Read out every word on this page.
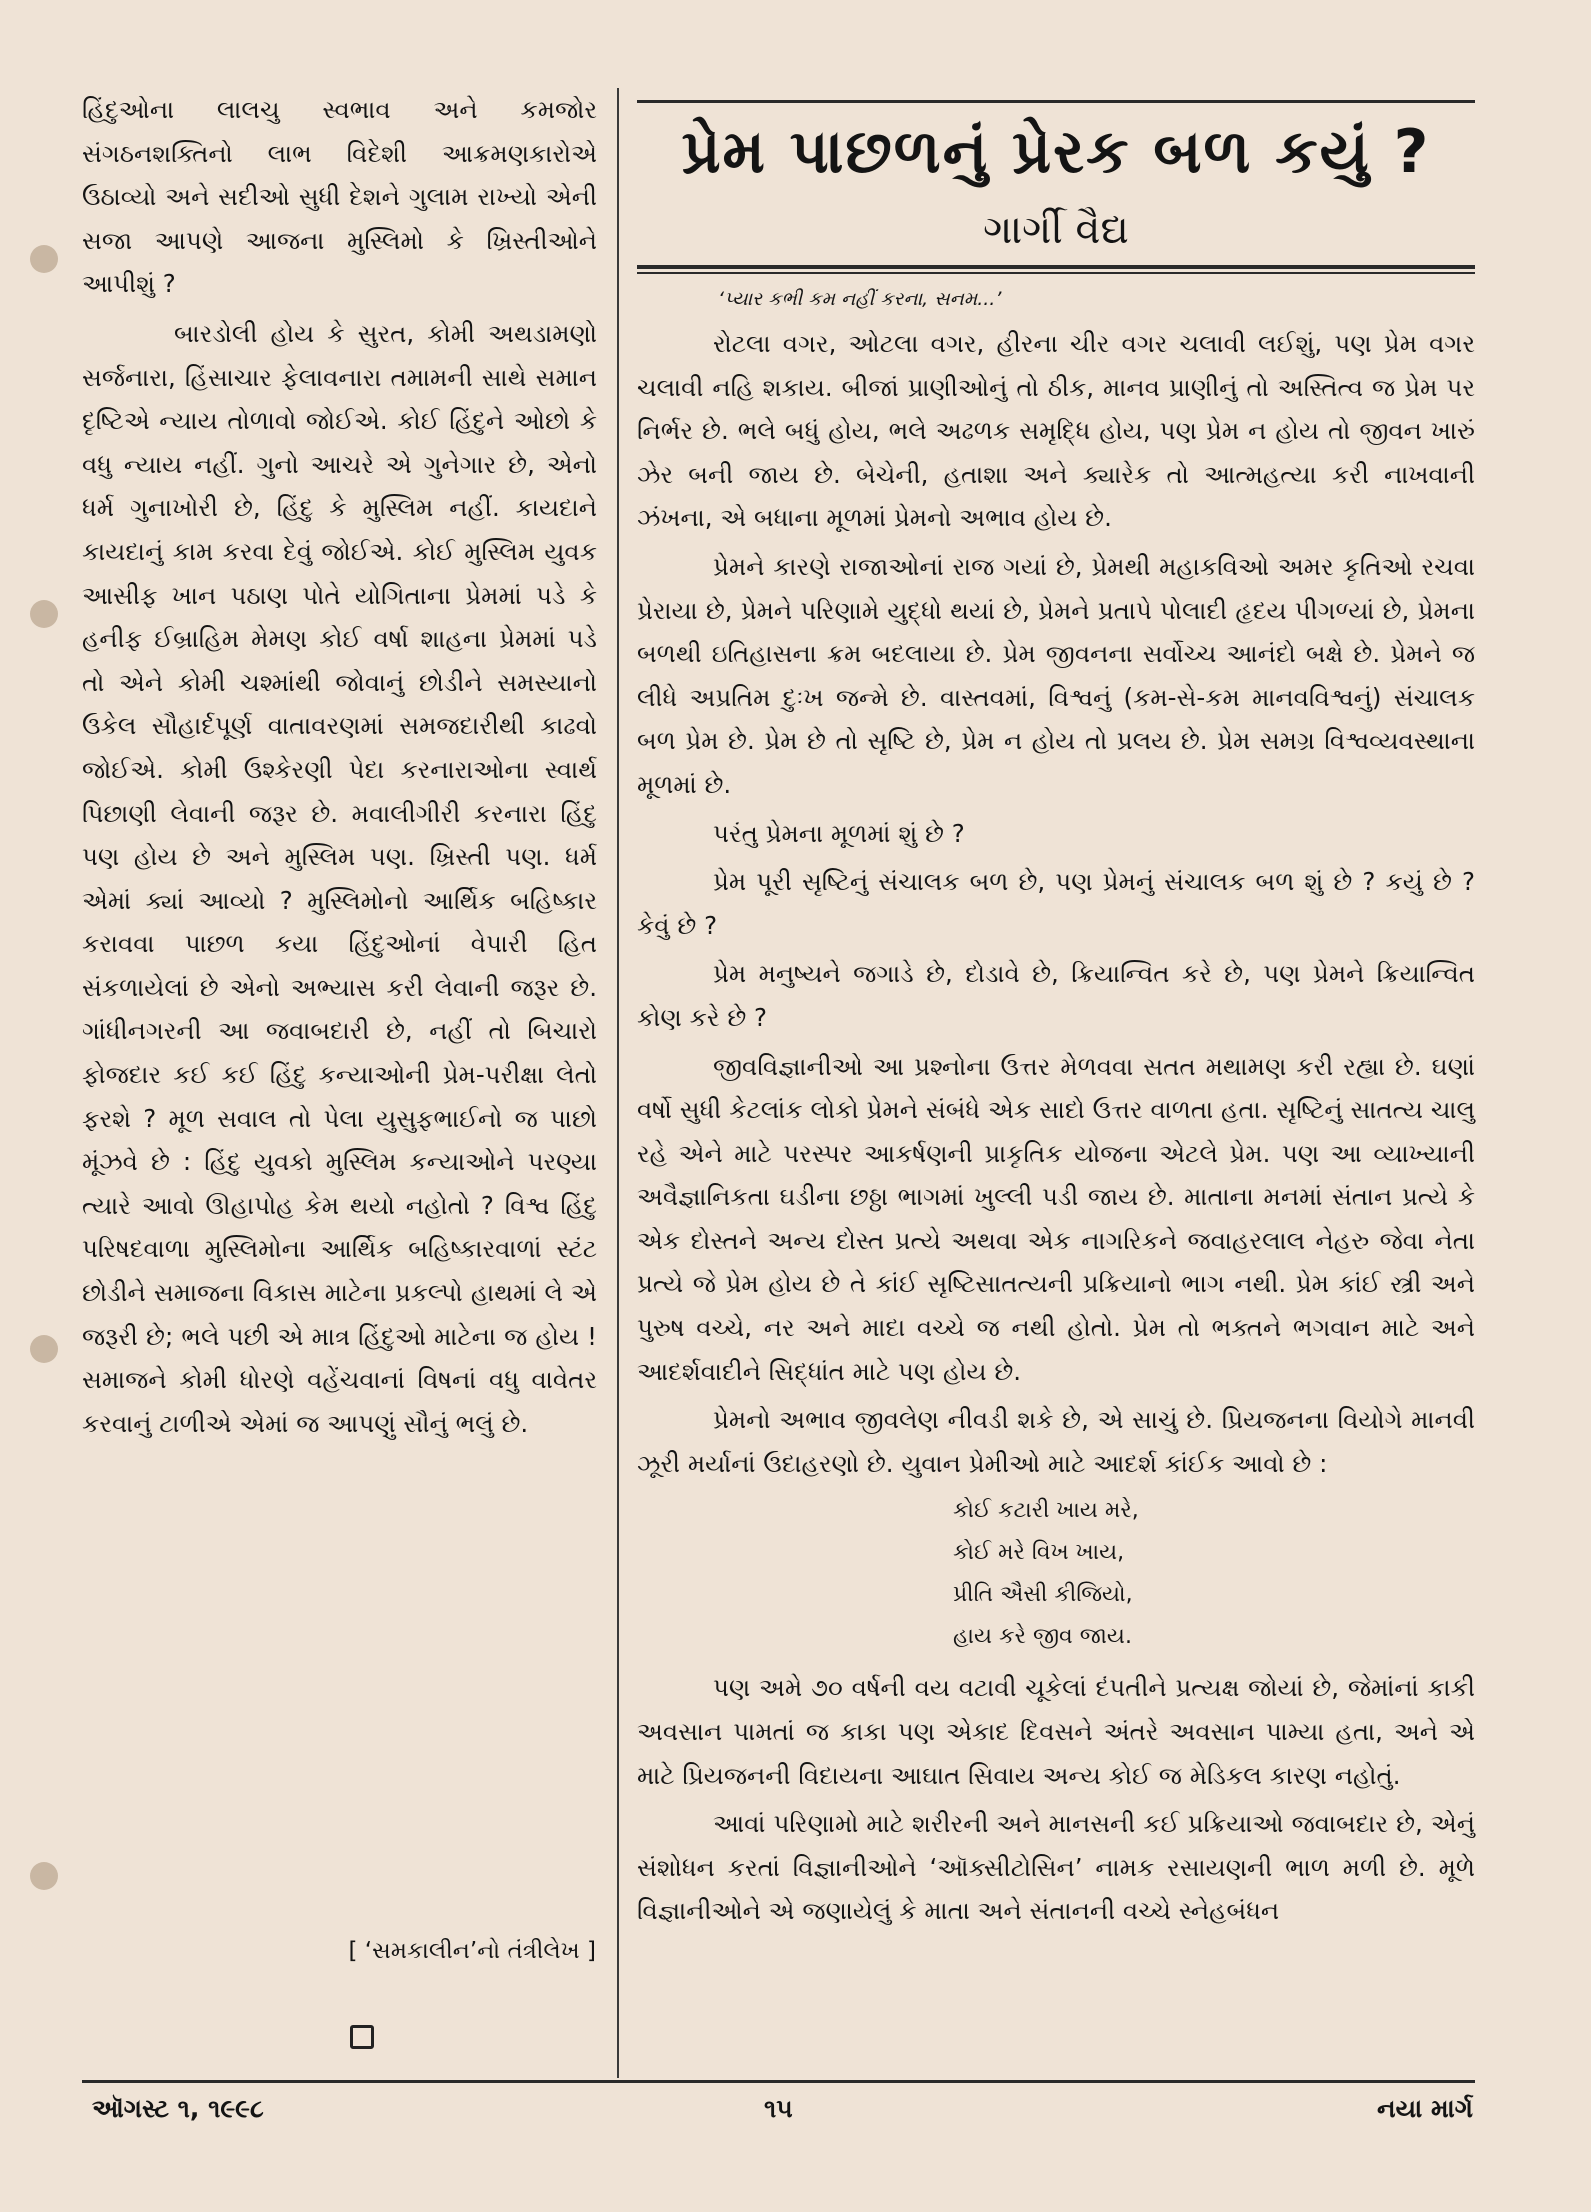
હિંદુઓના લાલચુ સ્વભાવ અને કમજોર સંગઠનશક્તિનો લાભ વિદેશી આક્રમણકારોએ ઉઠાવ્યો અને સદીઓ સુધી દેશને ગુલામ રાખ્યો એની સજા આપણે આજના મુસ્લિમો કે ખ્રિસ્તીઓને આપીશું ?

બારડોલી હોય કે સુરત, કોમી અથડામણો સર્જનારા, હિંસાચાર ફેલાવનારા તમામની સાથે સમાન દૃષ્ટિએ ન્યાય તોળાવો જોઈએ. કોઈ હિંદુને ઓછો કે વધુ ન્યાય નહીં. ગુનો આચરે એ ગુનેગાર છે, એનો ધર્મ ગુનાખોરી છે, હિંદુ કે મુસ્લિમ નહીં. કાયદાને કાયદાનું કામ કરવા દેવું જોઈએ. કોઈ મુસ્લિમ યુવક આસીફ ખાન પઠાણ પોતે યોગિતાના પ્રેમમાં પડે કે હનીફ ઈબ્રાહિમ મેમણ કોઈ વર્ષા શાહના પ્રેમમાં પડે તો એને કોમી ચશ્માંથી જોવાનું છોડીને સમસ્યાનો ઉકેલ સૌહાર્દપૂર્ણ વાતાવરણમાં સમજદારીથી કાઢવો જોઈએ. કોમી ઉશ્કેરણી પેદા કરનારાઓના સ્વાર્થ પિછાણી લેવાની જરૂર છે. મવાલીગીરી કરનારા હિંદુ પણ હોય છે અને મુસ્લિમ પણ. ખ્રિસ્તી પણ. ધર્મ એમાં ક્યાં આવ્યો ? મુસ્લિમોનો આર્થિક બહિષ્કાર કરાવવા પાછળ કયા હિંદુઓનાં વેપારી હિત સંકળાયેલાં છે એનો અભ્યાસ કરી લેવાની જરૂર છે. ગાંધીનગરની આ જવાબદારી છે, નહીં તો બિચારો ફોજદાર કઈ કઈ હિંદુ કન્યાઓની પ્રેમ-પરીક્ષા લેતો ફરશે ? મૂળ સવાલ તો પેલા યુસુફભાઈનો જ પાછો મૂંઝવે છે : હિંદુ યુવકો મુસ્લિમ કન્યાઓને પરણ્યા ત્યારે આવો ઊહાપોહ કેમ થયો નહોતો ? વિશ્વ હિંદુ પરિષદવાળા મુસ્લિમોના આર્થિક બહિષ્કારવાળાં સ્ટંટ છોડીને સમાજના વિકાસ માટેના પ્રકલ્પો હાથમાં લે એ જરૂરી છે; ભલે પછી એ માત્ર હિંદુઓ માટેના જ હોય ! સમાજને કોમી ધોરણે વહેંચવાનાં વિષનાં વધુ વાવેતર કરવાનું ટાળીએ એમાં જ આપણું સૌનું ભલું છે.

[ ‘સમકાલીન’નો તંત્રીલેખ ]
પ્રેમ પાછળનું પ્રેરક બળ કયું ?
ગાર્ગી વૈદ્ય
‘પ્યાર કભી કમ નહીં કરના, સનમ...’

રોટલા વગર, ઓટલા વગર, હીરના ચીર વગર ચલાવી લઈશું, પણ પ્રેમ વગર ચલાવી નહિ શકાય. બીજાં પ્રાણીઓનું તો ઠીક, માનવ પ્રાણીનું તો અસ્તિત્વ જ પ્રેમ પર નિર્ભર છે. ભલે બધું હોય, ભલે અઢળક સમૃદ્ધિ હોય, પણ પ્રેમ ન હોય તો જીવન ખારું ઝેર બની જાય છે. બેચેની, હતાશા અને ક્યારેક તો આત્મહત્યા કરી નાખવાની ઝંખના, એ બધાના મૂળમાં પ્રેમનો અભાવ હોય છે.

પ્રેમને કારણે રાજાઓનાં રાજ ગયાં છે, પ્રેમથી મહાકવિઓ અમર કૃતિઓ રચવા પ્રેરાયા છે, પ્રેમને પરિણામે યુદ્ધો થયાં છે, પ્રેમને પ્રતાપે પોલાદી હૃદય પીગળ્યાં છે, પ્રેમના બળથી ઇતિહાસના ક્રમ બદલાયા છે. પ્રેમ જીવનના સર્વોચ્ચ આનંદો બક્ષે છે. પ્રેમને જ લીધે અપ્રતિમ દુઃખ જન્મે છે. વાસ્તવમાં, વિશ્વનું (કમ-સે-કમ માનવવિશ્વનું) સંચાલક બળ પ્રેમ છે. પ્રેમ છે તો સૃષ્ટિ છે, પ્રેમ ન હોય તો પ્રલય છે. પ્રેમ સમગ્ર વિશ્વવ્યવસ્થાના મૂળમાં છે.

પરંતુ પ્રેમના મૂળમાં શું છે ?

પ્રેમ પૂરી સૃષ્ટિનું સંચાલક બળ છે, પણ પ્રેમનું સંચાલક બળ શું છે ? કયું છે ? કેવું છે ?

પ્રેમ મનુષ્યને જગાડે છે, દોડાવે છે, ક્રિયાન્વિત કરે છે, પણ પ્રેમને ક્રિયાન્વિત કોણ કરે છે ?

જીવવિજ્ઞાનીઓ આ પ્રશ્નોના ઉત્તર મેળવવા સતત મથામણ કરી રહ્યા છે. ઘણાં વર્ષો સુધી કેટલાંક લોકો પ્રેમને સંબંધે એક સાદો ઉત્તર વાળતા હતા. સૃષ્ટિનું સાતત્ય ચાલુ રહે એને માટે પરસ્પર આકર્ષણની પ્રાકૃતિક યોજના એટલે પ્રેમ. પણ આ વ્યાખ્યાની અવૈજ્ઞાનિકતા ઘડીના છઠ્ઠા ભાગમાં ખુલ્લી પડી જાય છે. માતાના મનમાં સંતાન પ્રત્યે કે એક દોસ્તને અન્ય દોસ્ત પ્રત્યે અથવા એક નાગરિકને જવાહરલાલ નેહરુ જેવા નેતા પ્રત્યે જે પ્રેમ હોય છે તે કાંઈ સૃષ્ટિસાતત્યની પ્રક્રિયાનો ભાગ નથી. પ્રેમ કાંઈ સ્ત્રી અને પુરુષ વચ્ચે, નર અને માદા વચ્ચે જ નથી હોતો. પ્રેમ તો ભક્તને ભગવાન માટે અને આદર્શવાદીને સિદ્ધાંત માટે પણ હોય છે.

પ્રેમનો અભાવ જીવલેણ નીવડી શકે છે, એ સાચું છે. પ્રિયજનના વિયોગે માનવી ઝૂરી મર્યાનાં ઉદાહરણો છે. યુવાન પ્રેમીઓ માટે આદર્શ કાંઈક આવો છે :

કોઈ કટારી ખાય મરે,
કોઈ મરે વિખ ખાય,
પ્રીતિ ઐસી કીજિયો,
હાય કરે જીવ જાય.

પણ અમે ૭૦ વર્ષની વય વટાવી ચૂકેલાં દંપતીને પ્રત્યક્ષ જોયાં છે, જેમાંનાં કાકી અવસાન પામતાં જ કાકા પણ એકાદ દિવસને અંતરે અવસાન પામ્યા હતા, અને એ માટે પ્રિયજનની વિદાયના આઘાત સિવાય અન્ય કોઈ જ મેડિકલ કારણ નહોતું.

આવાં પરિણામો માટે શરીરની અને માનસની કઈ પ્રક્રિયાઓ જવાબદાર છે, એનું સંશોધન કરતાં વિજ્ઞાનીઓને ‘ઑક્સીટોસિન’ નામક રસાયણની ભાળ મળી છે. મૂળે વિજ્ઞાનીઓને એ જણાયેલું કે માતા અને સંતાનની વચ્ચે સ્નેહબંધન

ઑગસ્ટ ૧, ૧૯૯૮	૧૫	નયા માર્ગ
